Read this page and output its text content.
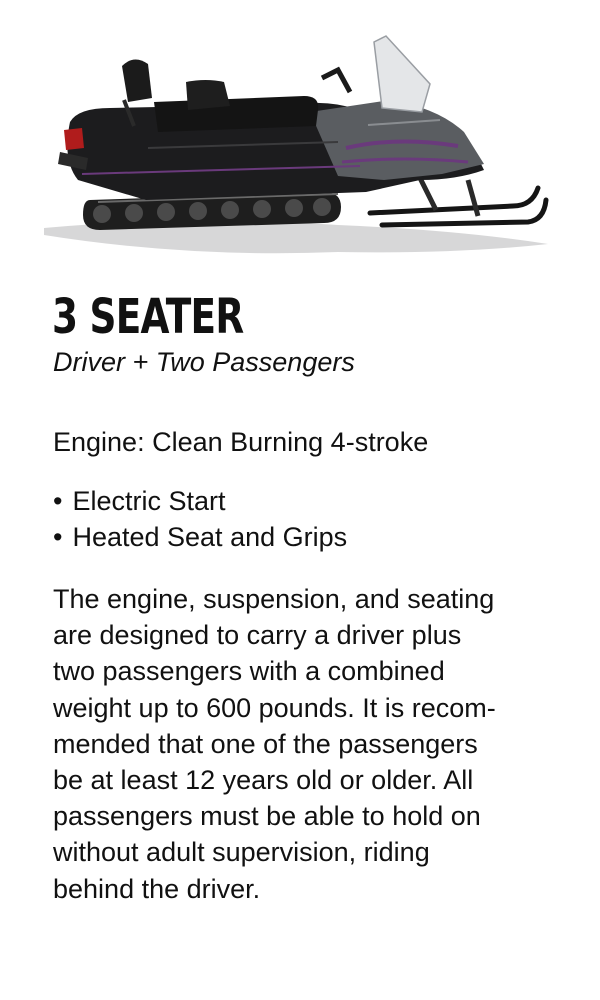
3 SEATER

Driver + Two Passengers

Engine: Clean Burning 4-stroke

• Electric Start
• Heated Seat and Grips

The engine, suspension, and seating
are designed to carry a driver plus
two passengers with a combined
weight up to 600 pounds. It is recom-
mended that one of the passengers
be at least 12 years old or older. All
passengers must be able to hold on
without adult supervision, riding
behind the driver.
